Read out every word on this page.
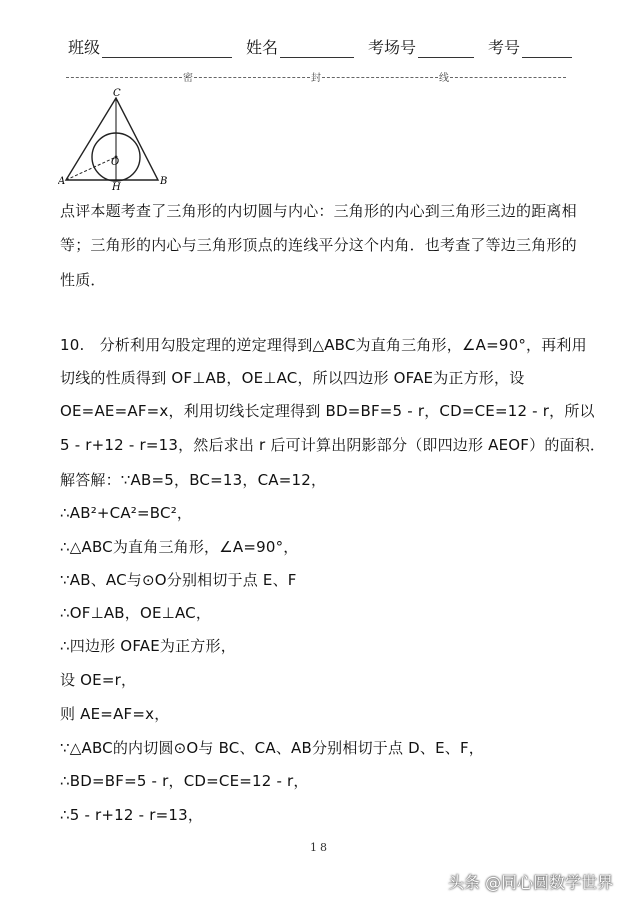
班级	姓名	考场号	考号
密	封	线
C
A	B
O
H
点评本题考查了三角形的内切圆与内心：三角形的内心到三角形三边的距离相
等；三角形的内心与三角形顶点的连线平分这个内角．也考查了等边三角形的
性质．
10.　分析利用勾股定理的逆定理得到△ABC为直角三角形，∠A=90°，再利用
切线的性质得到 OF⊥AB，OE⊥AC，所以四边形 OFAE为正方形，设
OE=AE=AF=x，利用切线长定理得到 BD=BF=5 - r，CD=CE=12 - r，所以
5 - r+12 - r=13，然后求出 r 后可计算出阴影部分（即四边形 AEOF）的面积．
解答解：∵AB=5，BC=13，CA=12，
∴AB²+CA²=BC²，
∴△ABC为直角三角形，∠A=90°，
∵AB、AC与⊙O分别相切于点 E、F
∴OF⊥AB，OE⊥AC，
∴四边形 OFAE为正方形，
设 OE=r，
则 AE=AF=x，
∵△ABC的内切圆⊙O与 BC、CA、AB分别相切于点 D、E、F，
∴BD=BF=5 - r，CD=CE=12 - r，
∴5 - r+12 - r=13，
18
头条 @同心圆数学世界
